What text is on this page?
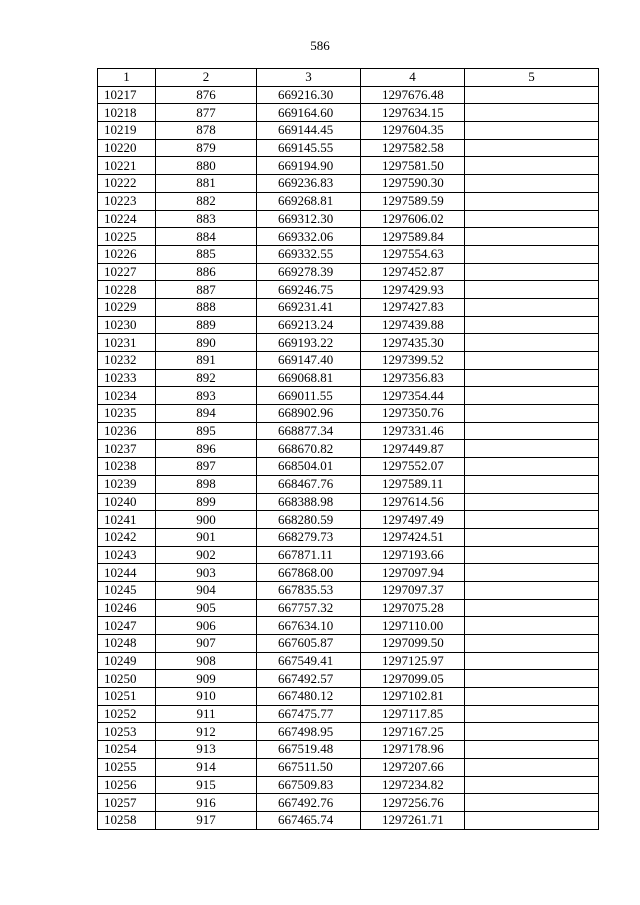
586
1	2	3	4	5
10217	876	669216.30	1297676.48	
10218	877	669164.60	1297634.15	
10219	878	669144.45	1297604.35	
10220	879	669145.55	1297582.58	
10221	880	669194.90	1297581.50	
10222	881	669236.83	1297590.30	
10223	882	669268.81	1297589.59	
10224	883	669312.30	1297606.02	
10225	884	669332.06	1297589.84	
10226	885	669332.55	1297554.63	
10227	886	669278.39	1297452.87	
10228	887	669246.75	1297429.93	
10229	888	669231.41	1297427.83	
10230	889	669213.24	1297439.88	
10231	890	669193.22	1297435.30	
10232	891	669147.40	1297399.52	
10233	892	669068.81	1297356.83	
10234	893	669011.55	1297354.44	
10235	894	668902.96	1297350.76	
10236	895	668877.34	1297331.46	
10237	896	668670.82	1297449.87	
10238	897	668504.01	1297552.07	
10239	898	668467.76	1297589.11	
10240	899	668388.98	1297614.56	
10241	900	668280.59	1297497.49	
10242	901	668279.73	1297424.51	
10243	902	667871.11	1297193.66	
10244	903	667868.00	1297097.94	
10245	904	667835.53	1297097.37	
10246	905	667757.32	1297075.28	
10247	906	667634.10	1297110.00	
10248	907	667605.87	1297099.50	
10249	908	667549.41	1297125.97	
10250	909	667492.57	1297099.05	
10251	910	667480.12	1297102.81	
10252	911	667475.77	1297117.85	
10253	912	667498.95	1297167.25	
10254	913	667519.48	1297178.96	
10255	914	667511.50	1297207.66	
10256	915	667509.83	1297234.82	
10257	916	667492.76	1297256.76	
10258	917	667465.74	1297261.71	
